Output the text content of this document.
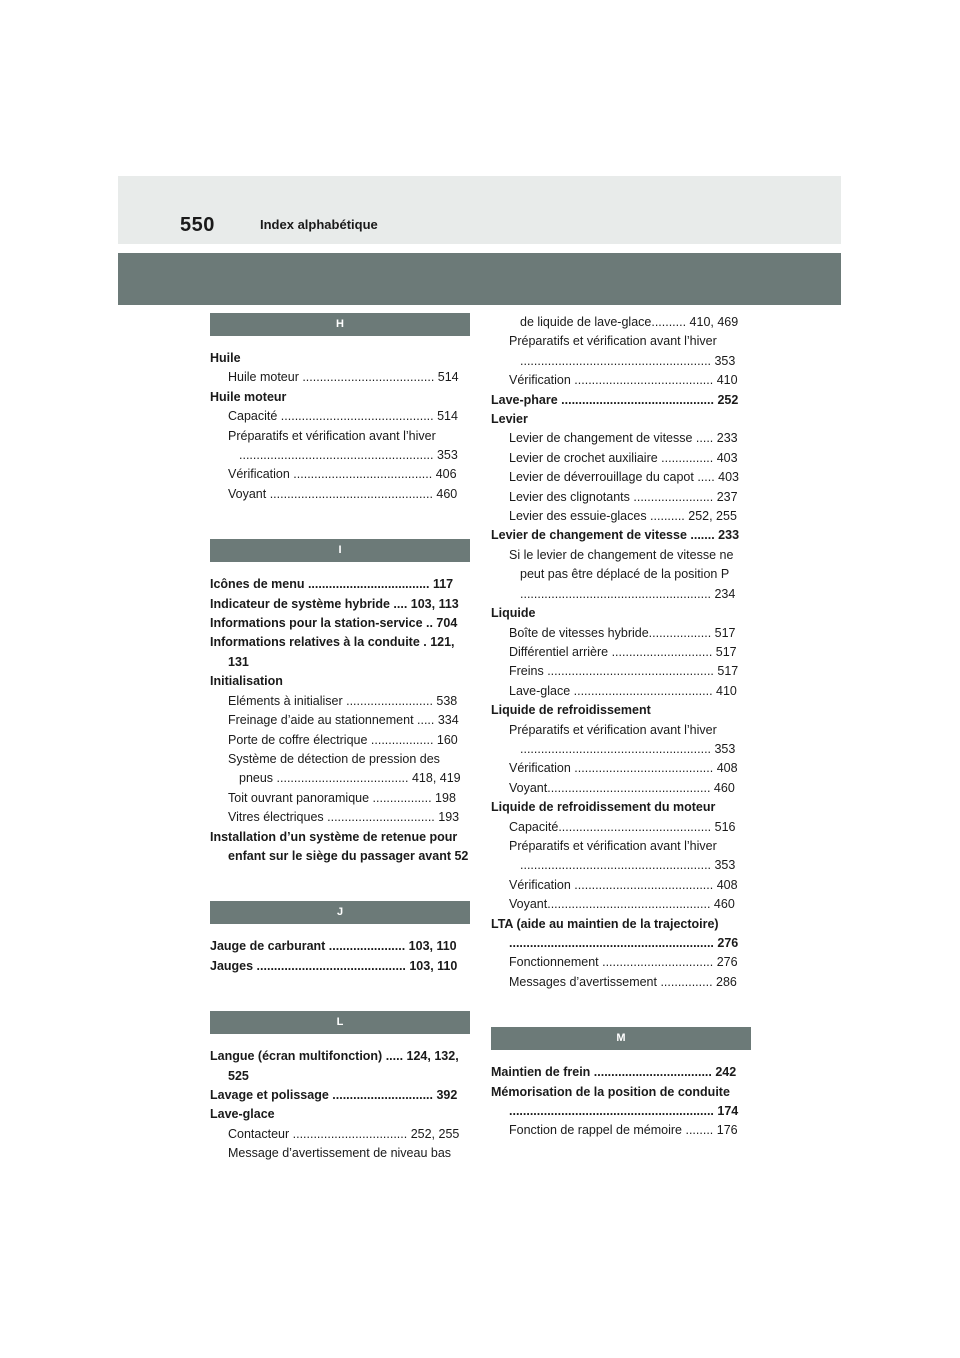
550	Index alphabétique
H
Huile
Huile moteur ...................................... 514
Huile moteur
Capacité ............................................ 514
Préparatifs et vérification avant l’hiver
........................................................ 353
Vérification ........................................ 406
Voyant ............................................... 460
I
Icônes de menu ................................... 117
Indicateur de système hybride .... 103, 113
Informations pour la station-service .. 704
Informations relatives à la conduite . 121,
131
Initialisation
Eléments à initialiser ......................... 538
Freinage d’aide au stationnement ..... 334
Porte de coffre électrique .................. 160
Système de détection de pression des
pneus ...................................... 418, 419
Toit ouvrant panoramique ................. 198
Vitres électriques ............................... 193
Installation d’un système de retenue pour
enfant sur le siège du passager avant 52
J
Jauge de carburant ...................... 103, 110
Jauges ........................................... 103, 110
L
Langue (écran multifonction) ..... 124, 132,
525
Lavage et polissage ............................. 392
Lave-glace
Contacteur ................................. 252, 255
Message d’avertissement de niveau bas
de liquide de lave-glace.......... 410, 469
Préparatifs et vérification avant l’hiver
....................................................... 353
Vérification ........................................ 410
Lave-phare ............................................ 252
Levier
Levier de changement de vitesse ..... 233
Levier de crochet auxiliaire ............... 403
Levier de déverrouillage du capot ..... 403
Levier des clignotants ....................... 237
Levier des essuie-glaces .......... 252, 255
Levier de changement de vitesse ....... 233
Si le levier de changement de vitesse ne
peut pas être déplacé de la position P
....................................................... 234
Liquide
Boîte de vitesses hybride.................. 517
Différentiel arrière ............................. 517
Freins ................................................ 517
Lave-glace ........................................ 410
Liquide de refroidissement
Préparatifs et vérification avant l’hiver
....................................................... 353
Vérification ........................................ 408
Voyant............................................... 460
Liquide de refroidissement du moteur
Capacité............................................ 516
Préparatifs et vérification avant l’hiver
....................................................... 353
Vérification ........................................ 408
Voyant............................................... 460
LTA (aide au maintien de la trajectoire)
........................................................... 276
Fonctionnement ................................ 276
Messages d’avertissement ............... 286
M
Maintien de frein .................................. 242
Mémorisation de la position de conduite
........................................................... 174
Fonction de rappel de mémoire ........ 176
